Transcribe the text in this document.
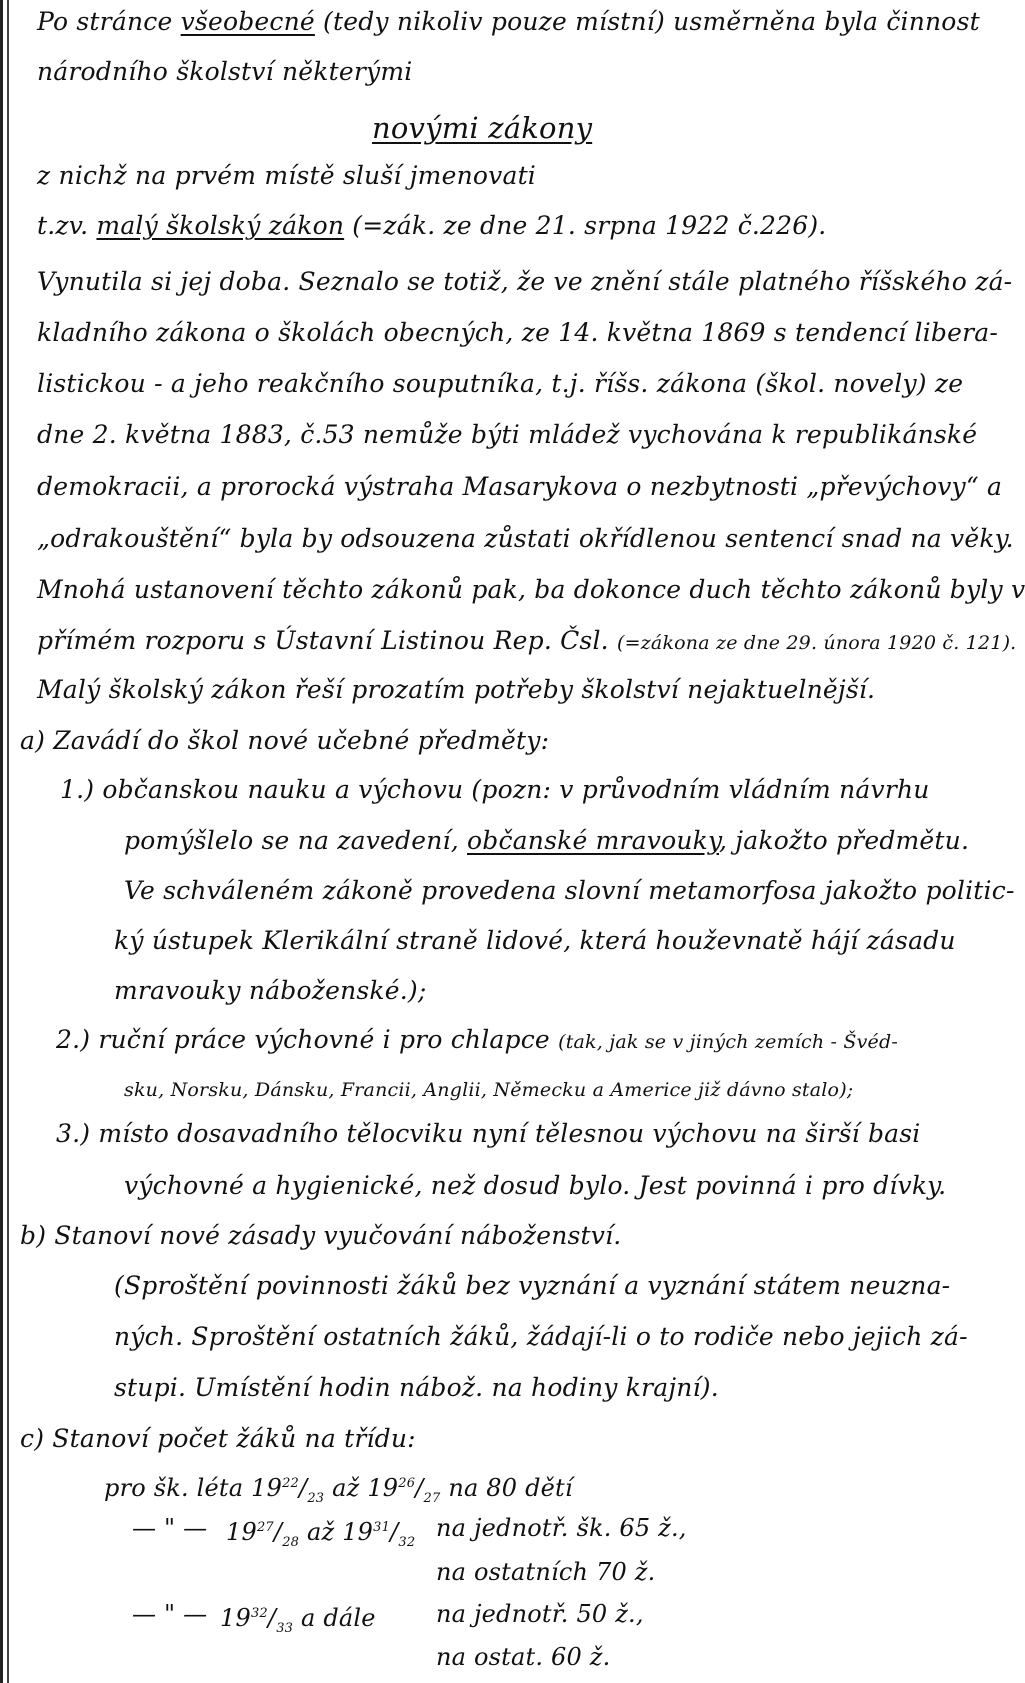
Po stránce všeobecné (tedy nikoliv pouze místní) usměrněna byla činnost
národního školství některými
novými zákony
z nichž na prvém místě sluší jmenovati
t.zv. malý školský zákon (=zák. ze dne 21. srpna 1922 č.226).
Vynutila si jej doba. Seznalo se totiž, že ve znění stále platného říšského zá-
kladního zákona o školách obecných, ze 14. května 1869 s tendencí libera-
listickou - a jeho reakčního souputníka, t.j. říšs. zákona (škol. novely) ze
dne 2. května 1883, č.53 nemůže býti mládež vychována k republikánské
demokracii, a prorocká výstraha Masarykova o nezbytnosti „převýchovy“ a
„odrakouštění“ byla by odsouzena zůstati okřídlenou sentencí snad na věky.
Mnohá ustanovení těchto zákonů pak, ba dokonce duch těchto zákonů byly v
přímém rozporu s Ústavní Listinou Rep. Čsl. (=zákona ze dne 29. února 1920 č. 121).
Malý školský zákon řeší prozatím potřeby školství nejaktuelnější.
a) Zavádí do škol nové učebné předměty:
1.) občanskou nauku a výchovu (pozn: v průvodním vládním návrhu
pomýšlelo se na zavedení, občanské mravouky, jakožto předmětu.
Ve schváleném zákoně provedena slovní metamorfosa jakožto politic-
ký ústupek Klerikální straně lidové, která houževnatě hájí zásadu
mravouky náboženské.);
2.) ruční práce výchovné i pro chlapce (tak, jak se v jiných zemích - Švéd-
sku, Norsku, Dánsku, Francii, Anglii, Německu a Americe již dávno stalo);
3.) místo dosavadního tělocviku nyní tělesnou výchovu na širší basi
výchovné a hygienické, než dosud bylo. Jest povinná i pro dívky.
b) Stanoví nové zásady vyučování náboženství.
(Sproštění povinnosti žáků bez vyznání a vyznání státem neuzna-
ných. Sproštění ostatních žáků, žádají-li o to rodiče nebo jejich zá-
stupi. Umístění hodin nábož. na hodiny krajní).
c) Stanoví počet žáků na třídu:
pro šk. léta $19^{22}/_{23}$ až $19^{26}/_{27}$ na 80 dětí
— " — $19^{27}/_{28}$ až $19^{31}/_{32}$
na jednotř. šk. 65 ž.,
na ostatních 70 ž.
— " — $19^{32}/_{33}$ a dále	na jednotř. 50 ž.,
na ostat. 60 ž.
